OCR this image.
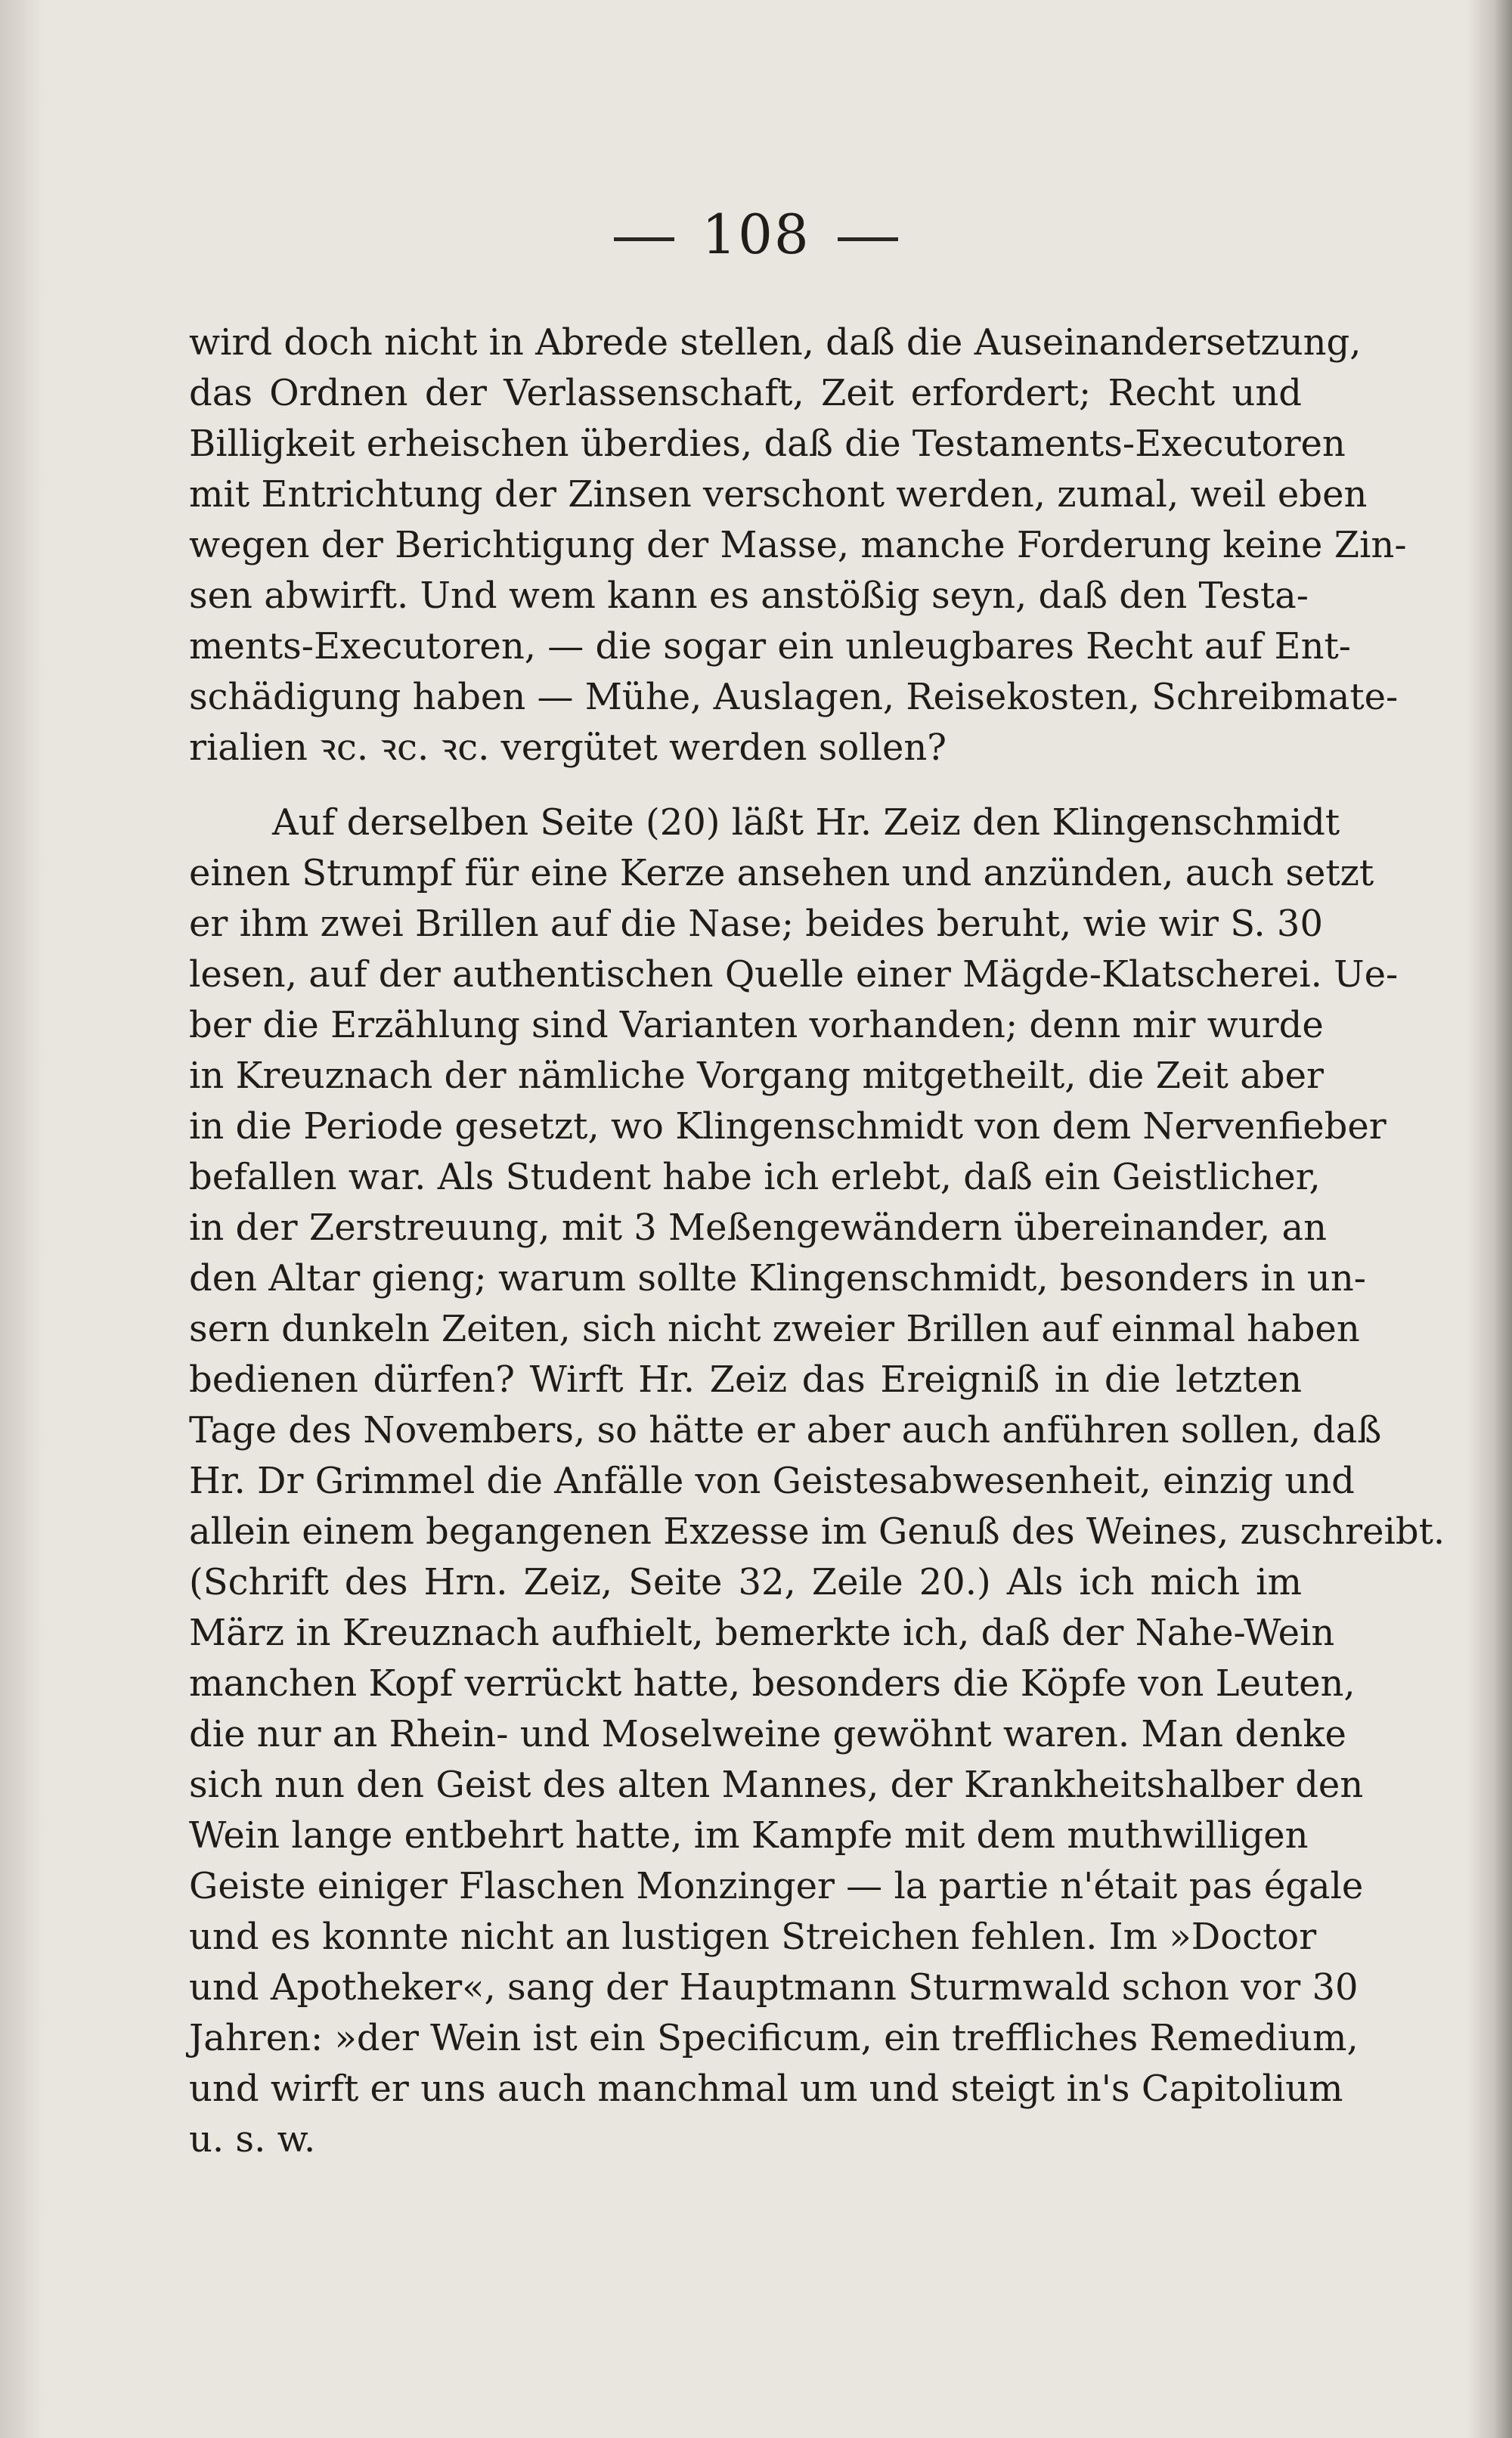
108
wird doch nicht in Abrede stellen, daß die Auseinandersetzung,
das Ordnen der Verlassenschaft, Zeit erfordert; Recht und
Billigkeit erheischen überdies, daß die Testaments-Executoren
mit Entrichtung der Zinsen verschont werden, zumal, weil eben
wegen der Berichtigung der Masse, manche Forderung keine Zin-
sen abwirft. Und wem kann es anstößig seyn, daß den Testa-
ments-Executoren, — die sogar ein unleugbares Recht auf Ent-
schädigung haben — Mühe, Auslagen, Reisekosten, Schreibmate-
rialien ꝛc. ꝛc. ꝛc. vergütet werden sollen?
Auf derselben Seite (20) läßt Hr. Zeiz den Klingenschmidt
einen Strumpf für eine Kerze ansehen und anzünden, auch setzt
er ihm zwei Brillen auf die Nase; beides beruht, wie wir S. 30
lesen, auf der authentischen Quelle einer Mägde-Klatscherei. Ue-
ber die Erzählung sind Varianten vorhanden; denn mir wurde
in Kreuznach der nämliche Vorgang mitgetheilt, die Zeit aber
in die Periode gesetzt, wo Klingenschmidt von dem Nervenfieber
befallen war. Als Student habe ich erlebt, daß ein Geistlicher,
in der Zerstreuung, mit 3 Meßengewändern übereinander, an
den Altar gieng; warum sollte Klingenschmidt, besonders in un-
sern dunkeln Zeiten, sich nicht zweier Brillen auf einmal haben
bedienen dürfen? Wirft Hr. Zeiz das Ereigniß in die letzten
Tage des Novembers, so hätte er aber auch anführen sollen, daß
Hr. Dr Grimmel die Anfälle von Geistesabwesenheit, einzig und
allein einem begangenen Exzesse im Genuß des Weines, zuschreibt.
(Schrift des Hrn. Zeiz, Seite 32, Zeile 20.) Als ich mich im
März in Kreuznach aufhielt, bemerkte ich, daß der Nahe-Wein
manchen Kopf verrückt hatte, besonders die Köpfe von Leuten,
die nur an Rhein- und Moselweine gewöhnt waren. Man denke
sich nun den Geist des alten Mannes, der Krankheitshalber den
Wein lange entbehrt hatte, im Kampfe mit dem muthwilligen
Geiste einiger Flaschen Monzinger — la partie n'était pas égale
und es konnte nicht an lustigen Streichen fehlen. Im »Doctor
und Apotheker«, sang der Hauptmann Sturmwald schon vor 30
Jahren: »der Wein ist ein Specificum, ein treffliches Remedium,
und wirft er uns auch manchmal um und steigt in's Capitolium
u. s. w.
